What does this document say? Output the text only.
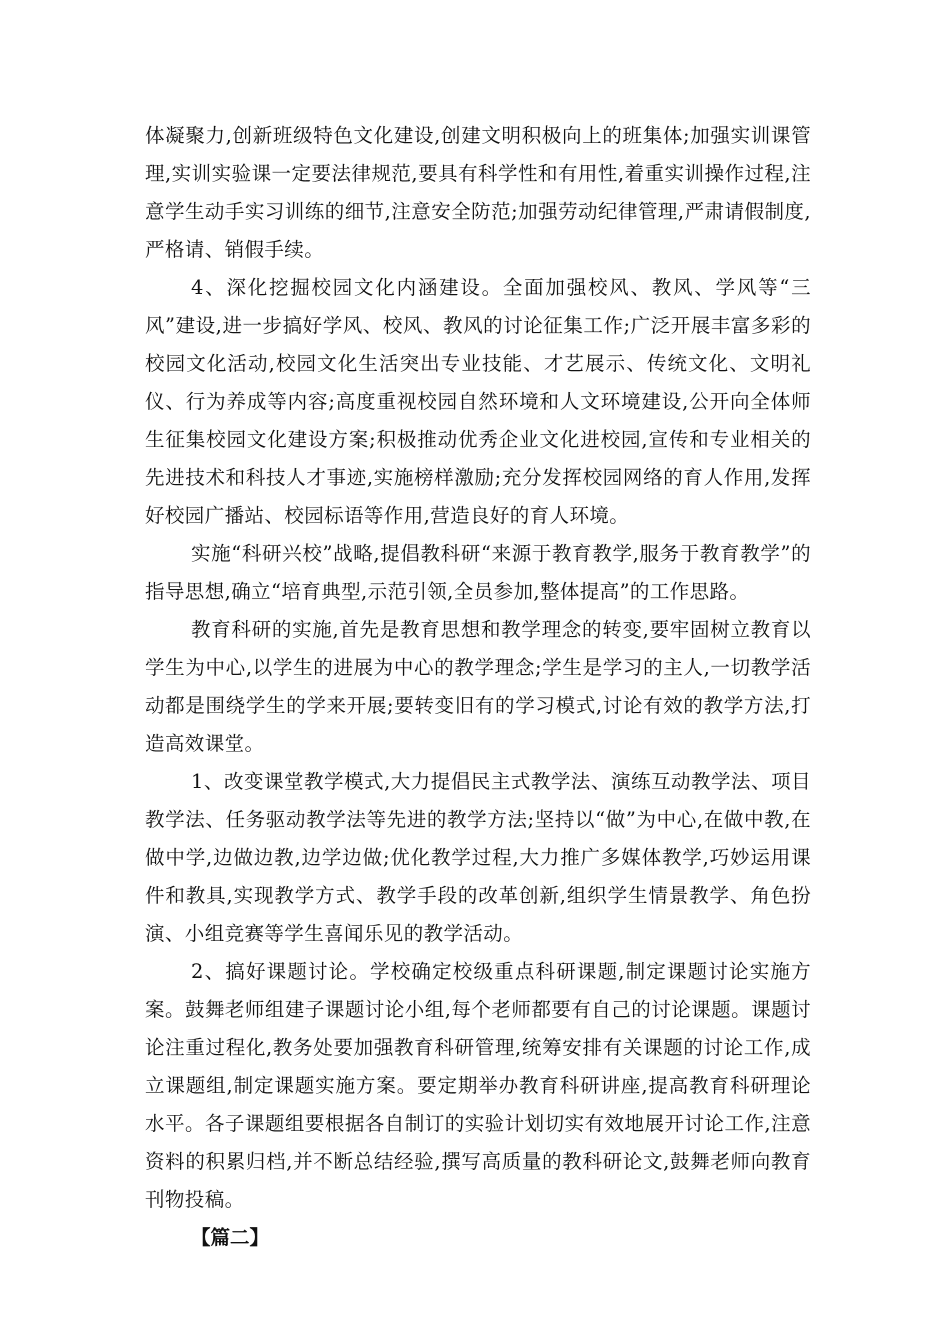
体凝聚力,创新班级特色文化建设,创建文明积极向上的班集体;加强实训课管理,实训实验课一定要法律规范,要具有科学性和有用性,着重实训操作过程,注意学生动手实习训练的细节,注意安全防范;加强劳动纪律管理,严肃请假制度,严格请、销假手续。

4、深化挖掘校园文化内涵建设。全面加强校风、教风、学风等“三风”建设,进一步搞好学风、校风、教风的讨论征集工作;广泛开展丰富多彩的校园文化活动,校园文化生活突出专业技能、才艺展示、传统文化、文明礼仪、行为养成等内容;高度重视校园自然环境和人文环境建设,公开向全体师生征集校园文化建设方案;积极推动优秀企业文化进校园,宣传和专业相关的先进技术和科技人才事迹,实施榜样激励;充分发挥校园网络的育人作用,发挥好校园广播站、校园标语等作用,营造良好的育人环境。

实施“科研兴校”战略,提倡教科研“来源于教育教学,服务于教育教学”的指导思想,确立“培育典型,示范引领,全员参加,整体提高”的工作思路。

教育科研的实施,首先是教育思想和教学理念的转变,要牢固树立教育以学生为中心,以学生的进展为中心的教学理念;学生是学习的主人,一切教学活动都是围绕学生的学来开展;要转变旧有的学习模式,讨论有效的教学方法,打造高效课堂。

1、改变课堂教学模式,大力提倡民主式教学法、演练互动教学法、项目教学法、任务驱动教学法等先进的教学方法;坚持以“做”为中心,在做中教,在做中学,边做边教,边学边做;优化教学过程,大力推广多媒体教学,巧妙运用课件和教具,实现教学方式、教学手段的改革创新,组织学生情景教学、角色扮演、小组竞赛等学生喜闻乐见的教学活动。

2、搞好课题讨论。学校确定校级重点科研课题,制定课题讨论实施方案。鼓舞老师组建子课题讨论小组,每个老师都要有自己的讨论课题。课题讨论注重过程化,教务处要加强教育科研管理,统筹安排有关课题的讨论工作,成立课题组,制定课题实施方案。要定期举办教育科研讲座,提高教育科研理论水平。各子课题组要根据各自制订的实验计划切实有效地展开讨论工作,注意资料的积累归档,并不断总结经验,撰写高质量的教科研论文,鼓舞老师向教育刊物投稿。

【篇二】
